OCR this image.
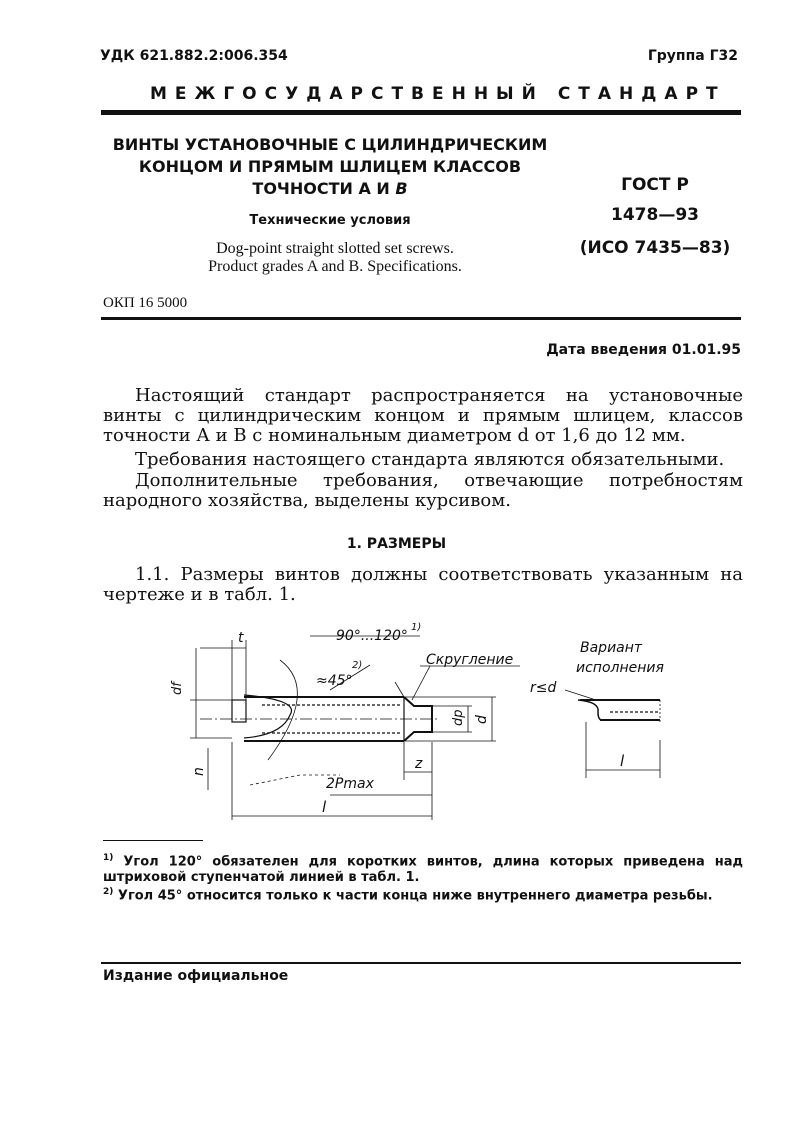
УДК 621.882.2:006.354	Группа Г32
МЕЖГОСУДАРСТВЕННЫЙ СТАНДАРТ
ВИНТЫ УСТАНОВОЧНЫЕ С ЦИЛИНДРИЧЕСКИМ
КОНЦОМ И ПРЯМЫМ ШЛИЦЕМ КЛАССОВ
ТОЧНОСТИ А И В
Технические условия
Dog-point straight slotted set screws.
Product grades A and B. Specifications.
ГОСТ Р
1478—93
(ИСО 7435—83)
ОКП 16 5000
Дата введения 01.01.95
Настоящий стандарт распространяется на установочные винты с цилиндрическим концом и прямым шлицем, классов точности А и В с номинальным диаметром d от 1,6 до 12 мм.
Требования настоящего стандарта являются обязательными.
Дополнительные требования, отвечающие потребностям народного хозяйства, выделены курсивом.
1. РАЗМЕРЫ
1.1. Размеры винтов должны соответствовать указанным на чертеже и в табл. 1.
t	90°...120°
1)
≈45°
2)	Скругление
Вариант
исполнения
r≤d
df
dp d
n
2Pmax
z
l
l
$^{1)}$ Угол 120° обязателен для коротких винтов, длина которых приведена над штриховой ступенчатой линией в табл. 1.
$^{2)}$ Угол 45° относится только к части конца ниже внутреннего диаметра резьбы.
Издание официальное
